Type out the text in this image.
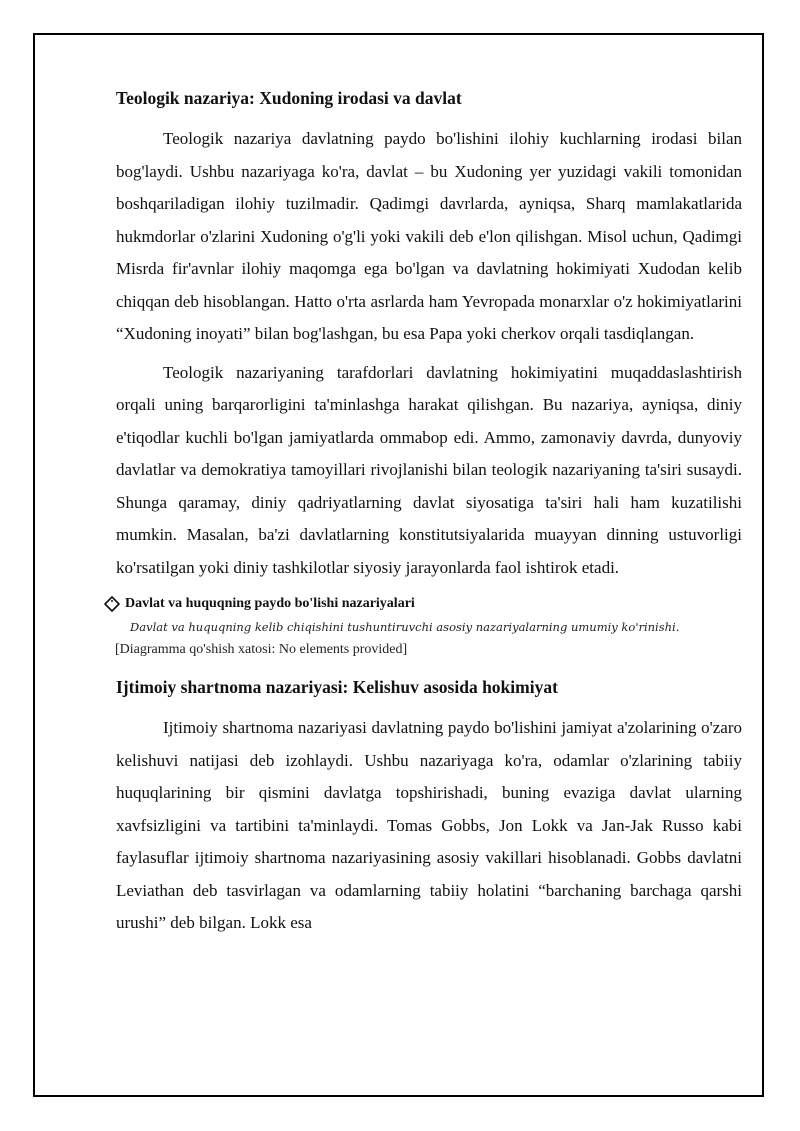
Teologik nazariya: Xudoning irodasi va davlat

Teologik nazariya davlatning paydo bo'lishini ilohiy kuchlarning irodasi bilan bog'laydi. Ushbu nazariyaga ko'ra, davlat – bu Xudoning yer yuzidagi vakili tomonidan boshqariladigan ilohiy tuzilmadir. Qadimgi davrlarda, ayniqsa, Sharq mamlakatlarida hukmdorlar o'zlarini Xudoning o'g'li yoki vakili deb e'lon qilishgan. Misol uchun, Qadimgi Misrda fir'avnlar ilohiy maqomga ega bo'lgan va davlatning hokimiyati Xudodan kelib chiqqan deb hisoblangan. Hatto o'rta asrlarda ham Yevropada monarxlar o'z hokimiyatlarini “Xudoning inoyati” bilan bog'lashgan, bu esa Papa yoki cherkov orqali tasdiqlangan.

Teologik nazariyaning tarafdorlari davlatning hokimiyatini muqaddaslashtirish orqali uning barqarorligini ta'minlashga harakat qilishgan. Bu nazariya, ayniqsa, diniy e'tiqodlar kuchli bo'lgan jamiyatlarda ommabop edi. Ammo, zamonaviy davrda, dunyoviy davlatlar va demokratiya tamoyillari rivojlanishi bilan teologik nazariyaning ta'siri susaydi. Shunga qaramay, diniy qadriyatlarning davlat siyosatiga ta'siri hali ham kuzatilishi mumkin. Masalan, ba'zi davlatlarning konstitutsiyalarida muayyan dinning ustuvorligi ko'rsatilgan yoki diniy tashkilotlar siyosiy jarayonlarda faol ishtirok etadi.

Davlat va huquqning paydo bo'lishi nazariyalari
Davlat va huquqning kelib chiqishini tushuntiruvchi asosiy nazariyalarning umumiy ko'rinishi.
[Diagramma qo'shish xatosi: No elements provided]
Ijtimoiy shartnoma nazariyasi: Kelishuv asosida hokimiyat

Ijtimoiy shartnoma nazariyasi davlatning paydo bo'lishini jamiyat a'zolarining o'zaro kelishuvi natijasi deb izohlaydi. Ushbu nazariyaga ko'ra, odamlar o'zlarining tabiiy huquqlarining bir qismini davlatga topshirishadi, buning evaziga davlat ularning xavfsizligini va tartibini ta'minlaydi. Tomas Gobbs, Jon Lokk va Jan-Jak Russo kabi faylasuflar ijtimoiy shartnoma nazariyasining asosiy vakillari hisoblanadi. Gobbs davlatni Leviathan deb tasvirlagan va odamlarning tabiiy holatini “barchaning barchaga qarshi urushi” deb bilgan. Lokk esa
